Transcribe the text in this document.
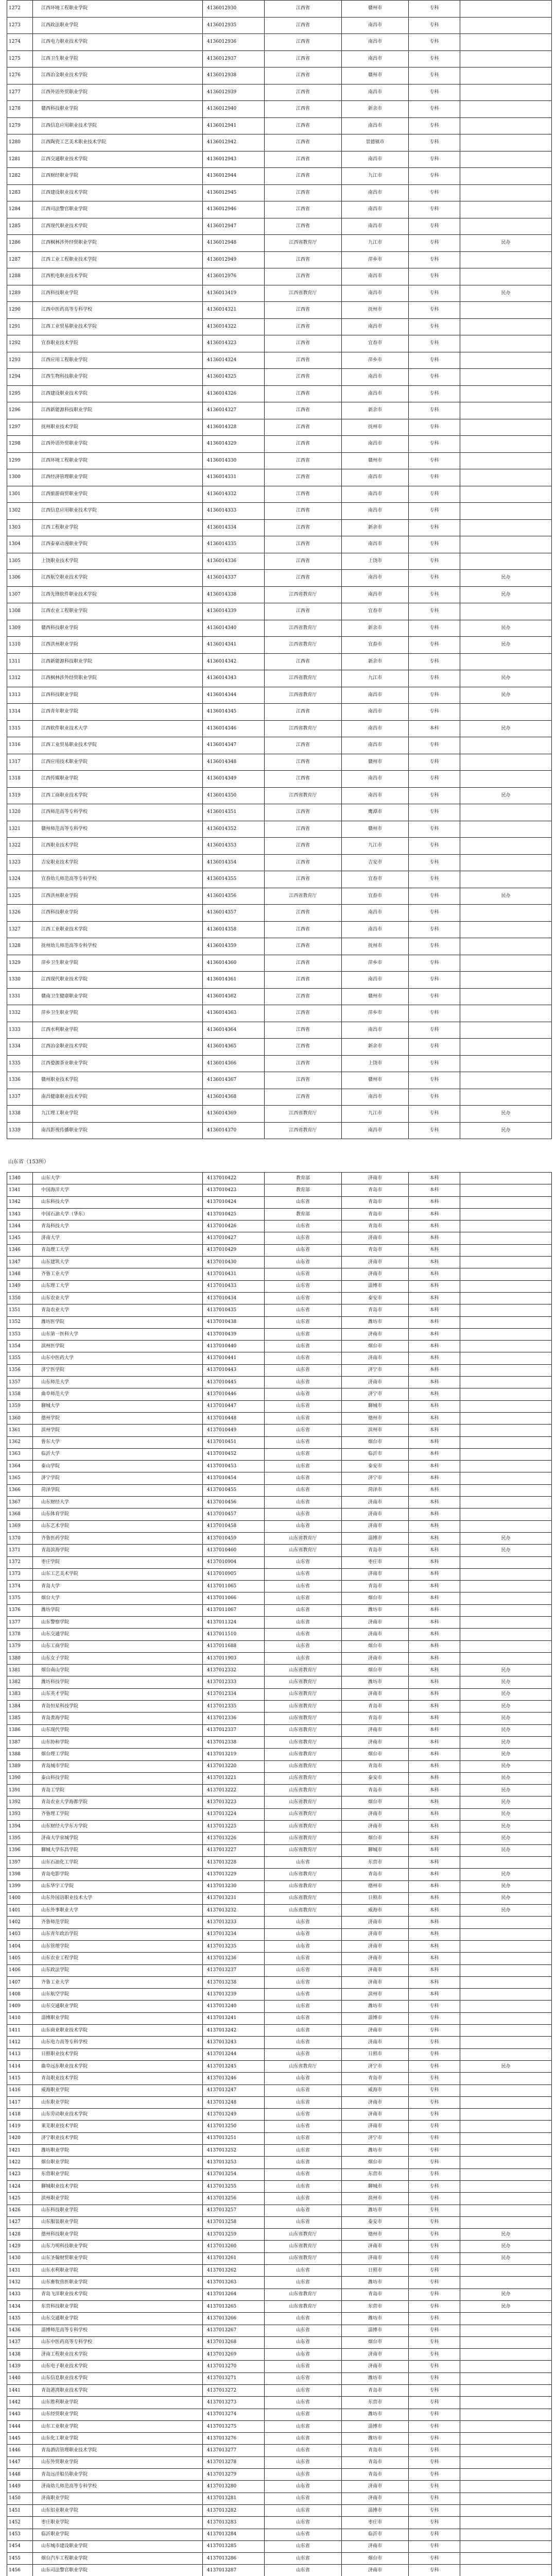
1272	江西环境工程职业学院	4136012930	江西省	赣州市	专科	
1273	江西政法职业学院	4136012935	江西省	南昌市	专科	
1274	江西电力职业技术学院	4136012936	江西省	南昌市	专科	
1275	江西卫生职业学院	4136012937	江西省	南昌市	专科	
1276	江西冶金职业技术学院	4136012938	江西省	赣州市	专科	
1277	江西外语外贸职业学院	4136012939	江西省	南昌市	专科	
1278	赣西科技职业学院	4136012940	江西省	新余市	专科	
1279	江西信息应用职业技术学院	4136012941	江西省	南昌市	专科	
1280	江西陶瓷工艺美术职业技术学院	4136012942	江西省	景德镇市	专科	
1281	江西交通职业技术学院	4136012943	江西省	南昌市	专科	
1282	江西财经职业学院	4136012944	江西省	九江市	专科	
1283	江西建设职业技术学院	4136012945	江西省	南昌市	专科	
1284	江西司法警官职业学院	4136012946	江西省	南昌市	专科	
1285	江西现代职业技术学院	4136012947	江西省	南昌市	专科	
1286	江西枫林涉外经贸职业学院	4136012948	江西省教育厅	九江市	专科	民办
1287	江西工业工程职业技术学院	4136012949	江西省	萍乡市	专科	
1288	江西机电职业技术学院	4136012976	江西省	南昌市	专科	
1289	江西科技职业学院	4136013419	江西省教育厅	南昌市	专科	民办
1290	江西中医药高等专科学校	4136014321	江西省	抚州市	专科	
1291	江西工业贸易职业技术学院	4136014322	江西省	南昌市	专科	
1292	宜春职业技术学院	4136014323	江西省	宜春市	专科	
1293	江西应用工程职业学院	4136014324	江西省	萍乡市	专科	
1294	江西生物科技职业学院	4136014325	江西省	南昌市	专科	
1295	江西建设职业技术学院	4136014326	江西省	南昌市	专科	
1296	江西新能源科技职业学院	4136014327	江西省	新余市	专科	
1297	抚州职业技术学院	4136014328	江西省	抚州市	专科	
1298	江西外语外贸职业学院	4136014329	江西省	南昌市	专科	
1299	江西环境工程职业学院	4136014330	江西省	赣州市	专科	
1300	江西经济管理职业学院	4136014331	江西省	南昌市	专科	
1301	江西旅游商贸职业学院	4136014332	江西省	南昌市	专科	
1302	江西信息应用职业技术学院	4136014333	江西省	南昌市	专科	
1303	江西工程职业学院	4136014334	江西省	新余市	专科	
1304	江西泰豪动漫职业学院	4136014335	江西省	南昌市	专科	
1305	上饶职业技术学院	4136014336	江西省	上饶市	专科	
1306	江西航空职业技术学院	4136014337	江西省	南昌市	专科	民办
1307	江西先锋软件职业技术学院	4136014338	江西省教育厅	南昌市	专科	民办
1308	江西农业工程职业学院	4136014339	江西省	宜春市	专科	
1309	赣西科技职业学院	4136014340	江西省教育厅	新余市	专科	民办
1310	江西洪州职业学院	4136014341	江西省教育厅	宜春市	专科	民办
1311	江西新能源科技职业学院	4136014342	江西省	新余市	专科	
1312	江西枫林涉外经贸职业学院	4136014343	江西省教育厅	九江市	专科	民办
1313	江西科技职业学院	4136014344	江西省教育厅	南昌市	专科	民办
1314	江西青年职业学院	4136014345	江西省	南昌市	专科	
1315	江西软件职业技术大学	4136014346	江西省教育厅	南昌市	本科	民办
1316	江西工业贸易职业技术学院	4136014347	江西省	南昌市	专科	
1317	江西应用技术职业学院	4136014348	江西省	赣州市	专科	
1318	江西传媒职业学院	4136014349	江西省	南昌市	专科	
1319	江西工商职业技术学院	4136014350	江西省教育厅	南昌市	专科	民办
1320	江西师范高等专科学校	4136014351	江西省	鹰潭市	专科	
1321	赣州师范高等专科学校	4136014352	江西省	赣州市	专科	
1322	江西职业技术学院	4136014353	江西省	九江市	专科	
1323	吉安职业技术学院	4136014354	江西省	吉安市	专科	
1324	宜春幼儿师范高等专科学校	4136014355	江西省	宜春市	专科	
1325	江西洪州职业学院	4136014356	江西省教育厅	宜春市	专科	民办
1326	江西科技职业学院	4136014357	江西省	南昌市	专科	
1327	江西工业职业技术学院	4136014358	江西省	南昌市	专科	
1328	抚州幼儿师范高等专科学校	4136014359	江西省	抚州市	专科	
1329	萍乡卫生职业学院	4136014360	江西省	萍乡市	专科	
1330	江西现代职业技术学院	4136014361	江西省	南昌市	专科	
1331	赣南卫生健康职业学院	4136014362	江西省	赣州市	专科	
1332	萍乡卫生职业学院	4136014363	江西省	萍乡市	专科	
1333	江西水利职业学院	4136014364	江西省	南昌市	专科	
1334	江西冶金职业技术学院	4136014365	江西省	新余市	专科	
1335	江西婺源茶业职业学院	4136014366	江西省	上饶市	专科	
1336	赣州职业技术学院	4136014367	江西省	赣州市	专科	
1337	南昌健康职业技术学院	4136014368	江西省	南昌市	专科	
1338	九江理工职业学院	4136014369	江西省教育厅	九江市	专科	民办
1339	南昌影视传播职业学院	4136014370	江西省教育厅	南昌市	专科	民办
山东省（153所）
1340	山东大学	4137010422	教育部	济南市	本科	
1341	中国海洋大学	4137010423	教育部	青岛市	本科	
1342	山东科技大学	4137010424	山东省	青岛市	本科	
1343	中国石油大学（华东）	4137010425	教育部	青岛市	本科	
1344	青岛科技大学	4137010426	山东省	青岛市	本科	
1345	济南大学	4137010427	山东省	济南市	本科	
1346	青岛理工大学	4137010429	山东省	青岛市	本科	
1347	山东建筑大学	4137010430	山东省	济南市	本科	
1348	齐鲁工业大学	4137010431	山东省	济南市	本科	
1349	山东理工大学	4137010433	山东省	淄博市	本科	
1350	山东农业大学	4137010434	山东省	泰安市	本科	
1351	青岛农业大学	4137010435	山东省	青岛市	本科	
1352	潍坊医学院	4137010438	山东省	潍坊市	本科	
1353	山东第一医科大学	4137010439	山东省	济南市	本科	
1354	滨州医学院	4137010440	山东省	烟台市	本科	
1355	山东中医药大学	4137010441	山东省	济南市	本科	
1356	济宁医学院	4137010443	山东省	济宁市	本科	
1357	山东师范大学	4137010445	山东省	济南市	本科	
1358	曲阜师范大学	4137010446	山东省	济宁市	本科	
1359	聊城大学	4137010447	山东省	聊城市	本科	
1360	德州学院	4137010448	山东省	德州市	本科	
1361	滨州学院	4137010449	山东省	滨州市	本科	
1362	鲁东大学	4137010451	山东省	烟台市	本科	
1363	临沂大学	4137010452	山东省	临沂市	本科	
1364	泰山学院	4137010453	山东省	泰安市	本科	
1365	济宁学院	4137010454	山东省	济宁市	本科	
1366	菏泽学院	4137010455	山东省	菏泽市	本科	
1367	山东财经大学	4137010456	山东省	济南市	本科	
1368	山东体育学院	4137010457	山东省	济南市	本科	
1369	山东艺术学院	4137010458	山东省	济南市	本科	
1370	齐鲁医药学院	4137010459	山东省教育厅	淄博市	本科	民办
1371	青岛滨海学院	4137010460	山东省教育厅	青岛市	本科	民办
1372	枣庄学院	4137010904	山东省	枣庄市	本科	
1373	山东工艺美术学院	4137010905	山东省	济南市	本科	
1374	青岛大学	4137011065	山东省	青岛市	本科	
1375	烟台大学	4137011066	山东省	烟台市	本科	
1376	潍坊学院	4137011067	山东省	潍坊市	本科	
1377	山东警察学院	4137011324	山东省	济南市	本科	
1378	山东交通学院	4137011510	山东省	济南市	本科	
1379	山东工商学院	4137011688	山东省	烟台市	本科	
1380	山东女子学院	4137011903	山东省	济南市	本科	
1381	烟台南山学院	4137012332	山东省教育厅	烟台市	本科	民办
1382	潍坊科技学院	4137012333	山东省教育厅	潍坊市	本科	民办
1383	山东英才学院	4137012334	山东省教育厅	济南市	本科	民办
1384	青岛恒星科技学院	4137012335	山东省教育厅	青岛市	本科	民办
1385	青岛黄海学院	4137012336	山东省教育厅	青岛市	本科	民办
1386	山东现代学院	4137012337	山东省教育厅	济南市	本科	民办
1387	山东协和学院	4137012338	山东省教育厅	济南市	本科	民办
1388	烟台理工学院	4137013219	山东省教育厅	烟台市	本科	民办
1389	青岛城市学院	4137013220	山东省教育厅	青岛市	本科	民办
1390	泰山科技学院	4137013221	山东省教育厅	泰安市	本科	民办
1391	青岛工学院	4137013222	山东省教育厅	青岛市	本科	民办
1392	青岛农业大学海都学院	4137013223	山东省教育厅	烟台市	本科	民办
1393	齐鲁理工学院	4137013224	山东省教育厅	济南市	本科	民办
1394	山东财经大学东方学院	4137013225	山东省教育厅	济南市	本科	民办
1395	济南大学泉城学院	4137013226	山东省教育厅	烟台市	本科	民办
1396	聊城大学东昌学院	4137013227	山东省教育厅	聊城市	本科	民办
1397	山东石油化工学院	4137013228	山东省	东营市	本科	
1398	青岛电影学院	4137013229	山东省教育厅	青岛市	本科	民办
1399	山东华宇工学院	4137013230	山东省教育厅	德州市	本科	民办
1400	山东外国语职业技术大学	4137013231	山东省教育厅	日照市	本科	民办
1401	山东外事职业大学	4137013232	山东省教育厅	威海市	本科	民办
1402	齐鲁师范学院	4137013233	山东省	济南市	本科	
1403	山东青年政治学院	4137013234	山东省	济南市	本科	
1404	山东管理学院	4137013235	山东省	济南市	本科	
1405	山东农业工程学院	4137013236	山东省	济南市	本科	
1406	山东政法学院	4137013237	山东省	济南市	本科	
1407	齐鲁工业大学	4137013238	山东省	济南市	本科	
1408	山东航空学院	4137013239	山东省	滨州市	本科	
1409	山东交通职业学院	4137013240	山东省	潍坊市	专科	
1410	淄博职业学院	4137013241	山东省	淄博市	专科	
1411	山东商业职业技术学院	4137013242	山东省	济南市	专科	
1412	山东电力高等专科学校	4137013243	山东省	济南市	专科	
1413	日照职业技术学院	4137013244	山东省	日照市	专科	
1414	曲阜远东职业技术学院	4137013245	山东省教育厅	济宁市	专科	民办
1415	青岛职业技术学院	4137013246	山东省	青岛市	专科	
1416	威海职业学院	4137013247	山东省	威海市	专科	
1417	山东职业学院	4137013248	山东省	济南市	专科	
1418	山东劳动职业技术学院	4137013249	山东省	济南市	专科	
1419	莱芜职业技术学院	4137013250	山东省	济南市	专科	
1420	济宁职业技术学院	4137013251	山东省	济宁市	专科	
1421	潍坊职业学院	4137013252	山东省	潍坊市	专科	
1422	烟台职业学院	4137013253	山东省	烟台市	专科	
1423	东营职业学院	4137013254	山东省	东营市	专科	
1424	聊城职业技术学院	4137013255	山东省	聊城市	专科	
1425	滨州职业学院	4137013256	山东省	滨州市	专科	
1426	山东科技职业学院	4137013257	山东省	潍坊市	专科	
1427	山东服装职业学院	4137013258	山东省	泰安市	专科	
1428	德州科技职业学院	4137013259	山东省教育厅	德州市	专科	民办
1429	山东力明科技职业学院	4137013260	山东省教育厅	济南市	专科	民办
1430	山东圣翰财贸职业学院	4137013261	山东省教育厅	济南市	专科	民办
1431	山东水利职业学院	4137013262	山东省	日照市	专科	
1432	山东畜牧兽医职业学院	4137013263	山东省	潍坊市	专科	
1433	青岛飞洋职业技术学院	4137013264	山东省教育厅	青岛市	专科	民办
1434	东营科技职业学院	4137013265	山东省教育厅	东营市	专科	民办
1435	山东交通职业学院	4137013266	山东省	潍坊市	专科	
1436	淄博师范高等专科学校	4137013267	山东省	淄博市	专科	
1437	山东中医药高等专科学校	4137013268	山东省	烟台市	专科	
1438	济南工程职业技术学院	4137013269	山东省	济南市	专科	
1439	山东电子职业技术学院	4137013270	山东省	济南市	专科	
1440	山东信息职业技术学院	4137013271	山东省	潍坊市	专科	
1441	青岛港湾职业技术学院	4137013272	山东省	青岛市	专科	
1442	山东胜利职业学院	4137013273	山东省	东营市	专科	
1443	山东经贸职业学院	4137013274	山东省	潍坊市	专科	
1444	山东工业职业学院	4137013275	山东省	淄博市	专科	
1445	山东化工职业学院	4137013276	山东省	潍坊市	专科	
1446	青岛酒店管理职业技术学院	4137013277	山东省	青岛市	专科	
1447	山东外贸职业学院	4137013278	山东省	青岛市	专科	
1448	青岛远洋船员职业学院	4137013279	山东省	青岛市	专科	
1449	济南幼儿师范高等专科学校	4137013280	山东省	济南市	专科	
1450	济南职业学院	4137013281	山东省	济南市	专科	
1451	山东铝业职业学院	4137013282	山东省	淄博市	专科	
1452	枣庄职业学院	4137013283	山东省	枣庄市	专科	
1453	临沂职业学院	4137013284	山东省	临沂市	专科	
1454	山东城市建设职业学院	4137013285	山东省	济南市	专科	
1455	烟台汽车工程职业学院	4137013286	山东省	烟台市	专科	
1456	山东司法警官职业学院	4137013287	山东省	济南市	专科	
